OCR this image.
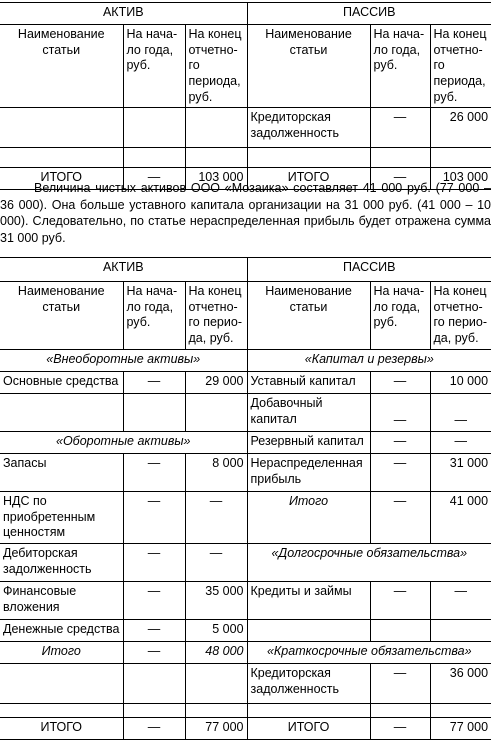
АКТИВ			ПАССИВ		
Наименование статьи	На нача-ло года, руб.	На конец отчетно-го периода, руб.	Наименование статьи	На нача-ло года, руб.	На конец отчетно-го периода, руб.
			Кредиторская задолженность	—	26 000

ИТОГО	—	103 000	ИТОГО	—	103 000

Величина чистых активов ООО «Мозаика» составляет 41 000 руб. (77 000 – 36 000). Она больше уставного капитала организации на 31 000 руб. (41 000 – 10 000). Следовательно, по статье нераспределенная прибыль будет отражена сумма 31 000 руб.

АКТИВ			ПАССИВ		
Наименование статьи	На нача-ло года, руб.	На конец отчетно-го перио-да, руб.	Наименование статьи	На нача-ло года, руб.	На конец отчетно-го перио-да, руб.
«Внеоборотные активы»			«Капитал и резервы»		
Основные средства	—	29 000	Уставный капитал	—	10 000
			Добавочный капитал	—	—
«Оборотные активы»			Резервный капитал	—	—
Запасы	—	8 000	Нераспределенная прибыль	—	31 000
НДС по приобретенным ценностям	—	—	Итого	—	41 000
Дебиторская задолженность	—	—	«Долгосрочные обязательства»		
Финансовые вложения	—	35 000	Кредиты и займы	—	—
Денежные средства	—	5 000			
Итого	—	48 000	«Краткосрочные обязательства»		
			Кредиторская задолженность	—	36 000

ИТОГО	—	77 000	ИТОГО	—	77 000
